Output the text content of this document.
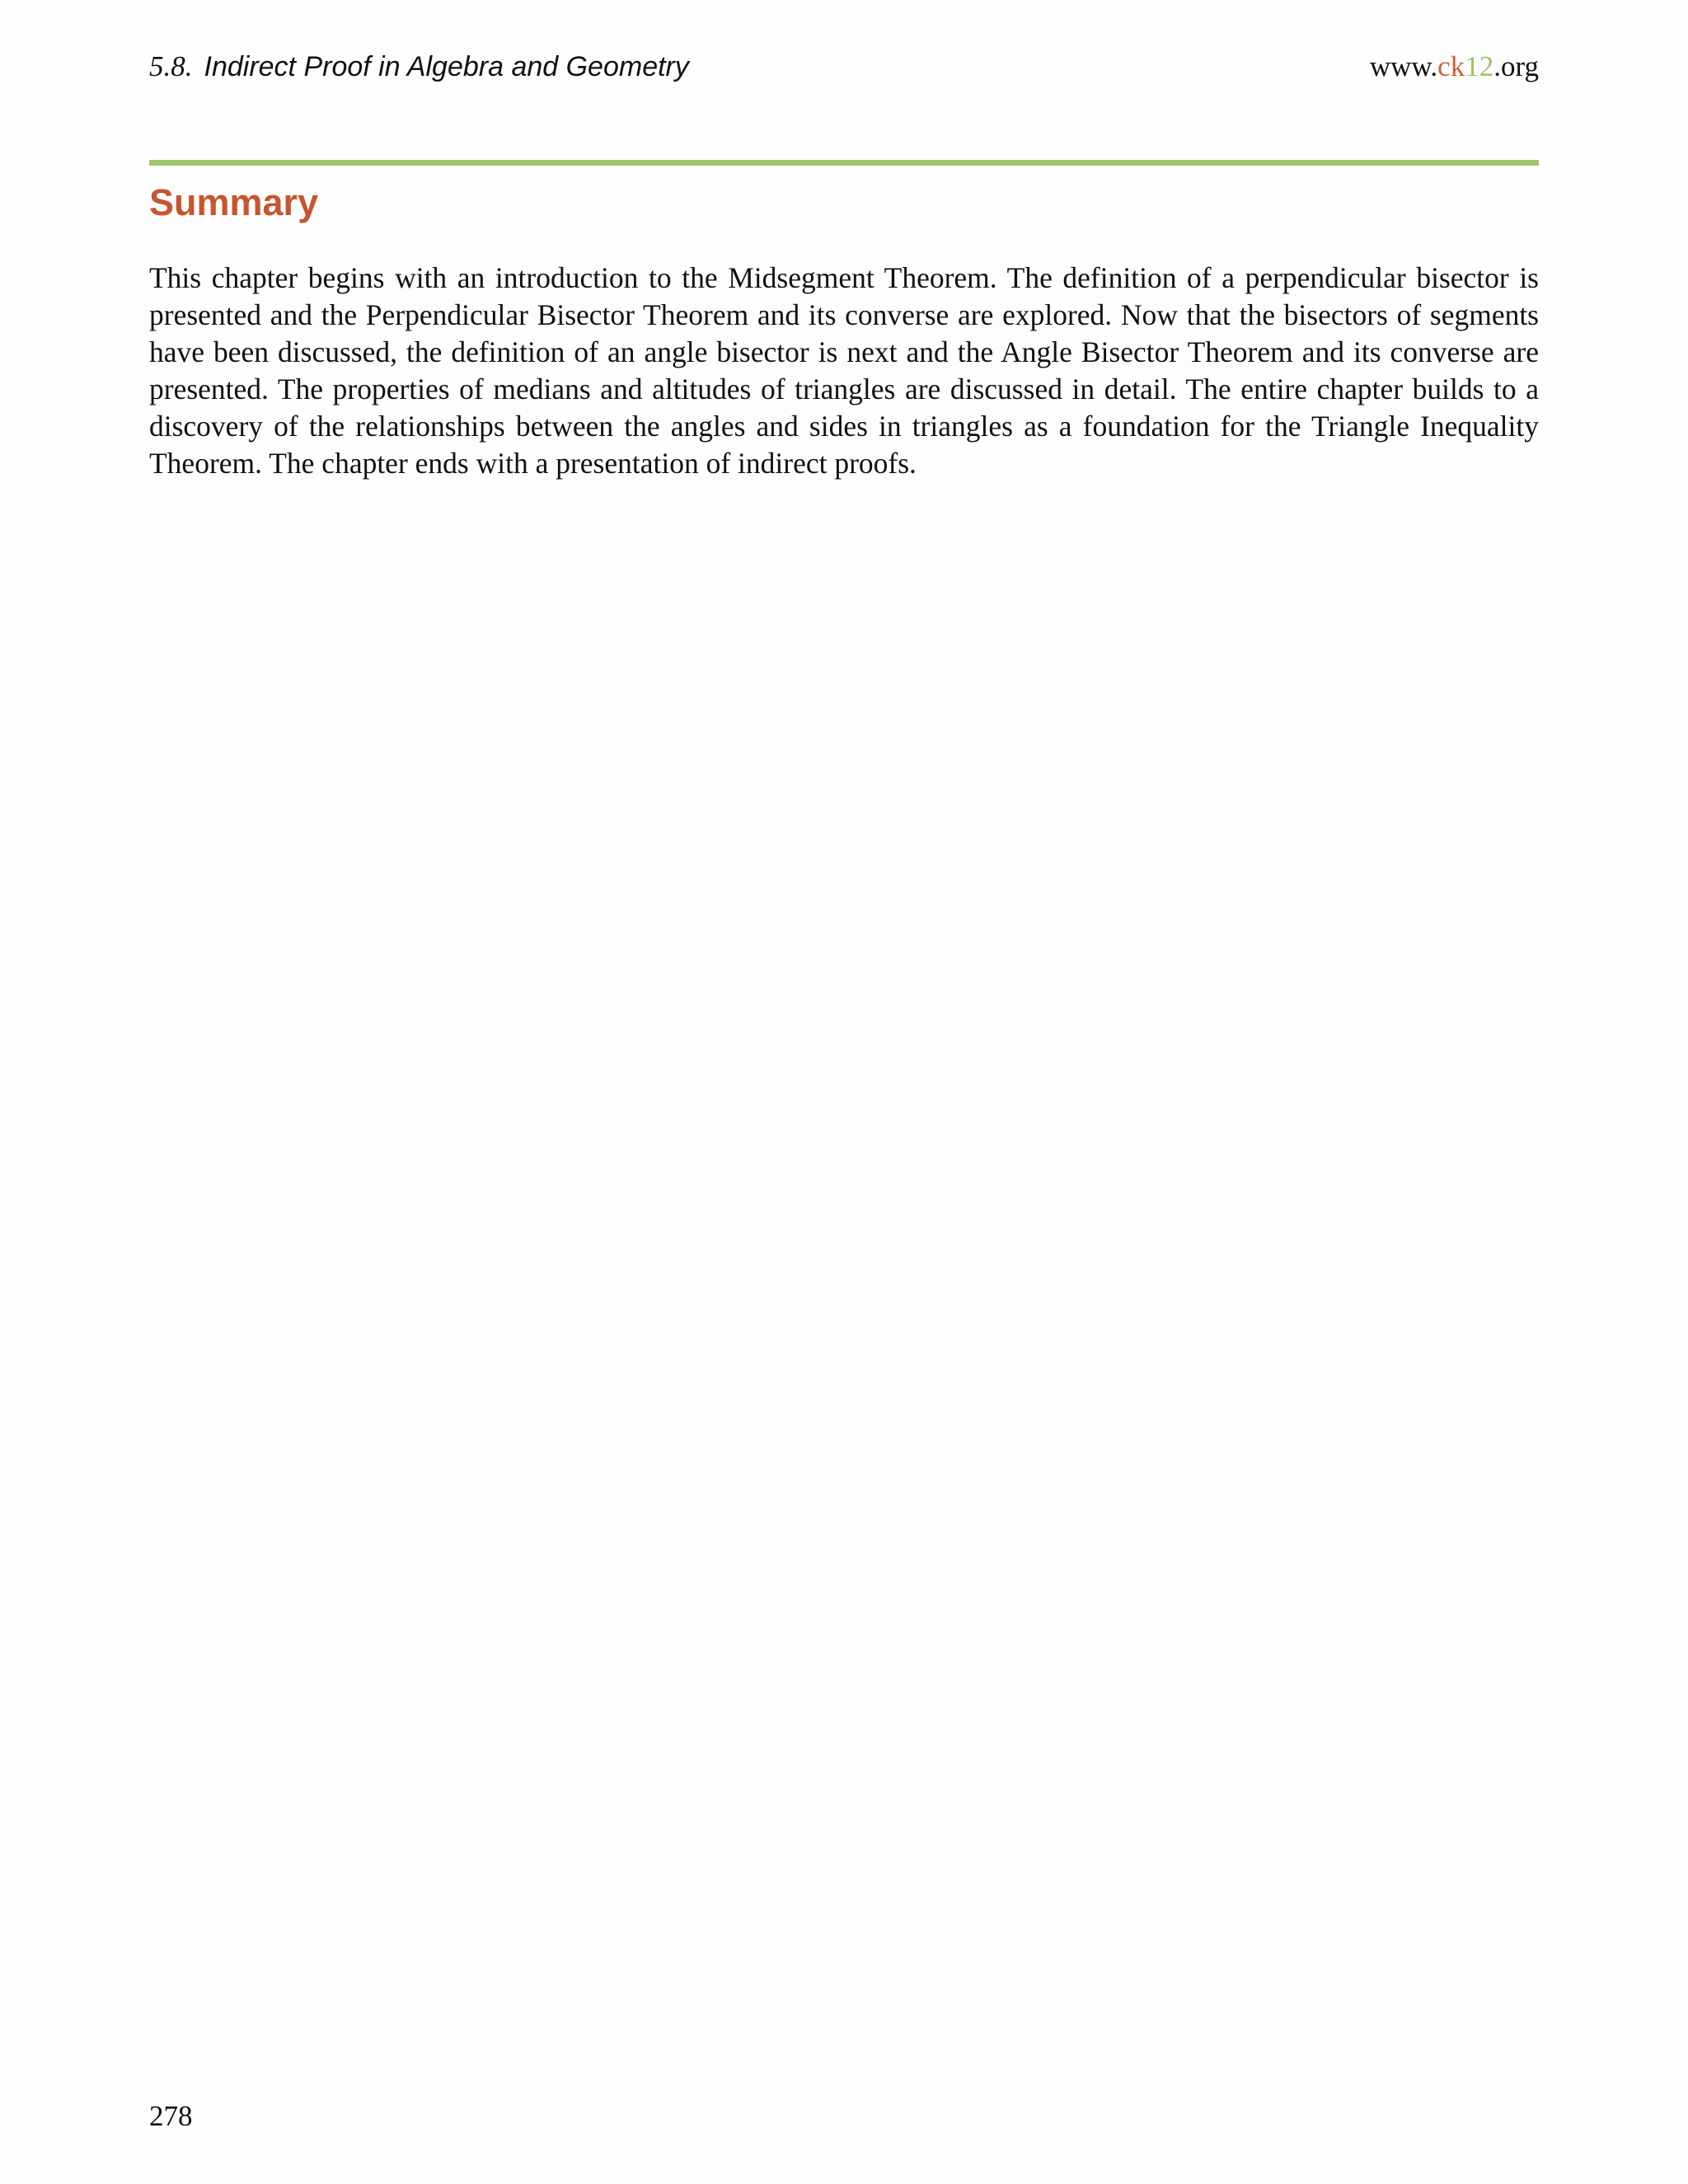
5.8. Indirect Proof in Algebra and Geometry	www.ck12.org
Summary

This chapter begins with an introduction to the Midsegment Theorem. The definition of a perpendicular bisector is presented and the Perpendicular Bisector Theorem and its converse are explored. Now that the bisectors of segments have been discussed, the definition of an angle bisector is next and the Angle Bisector Theorem and its converse are presented. The properties of medians and altitudes of triangles are discussed in detail. The entire chapter builds to a discovery of the relationships between the angles and sides in triangles as a foundation for the Triangle Inequality Theorem. The chapter ends with a presentation of indirect proofs.

278
